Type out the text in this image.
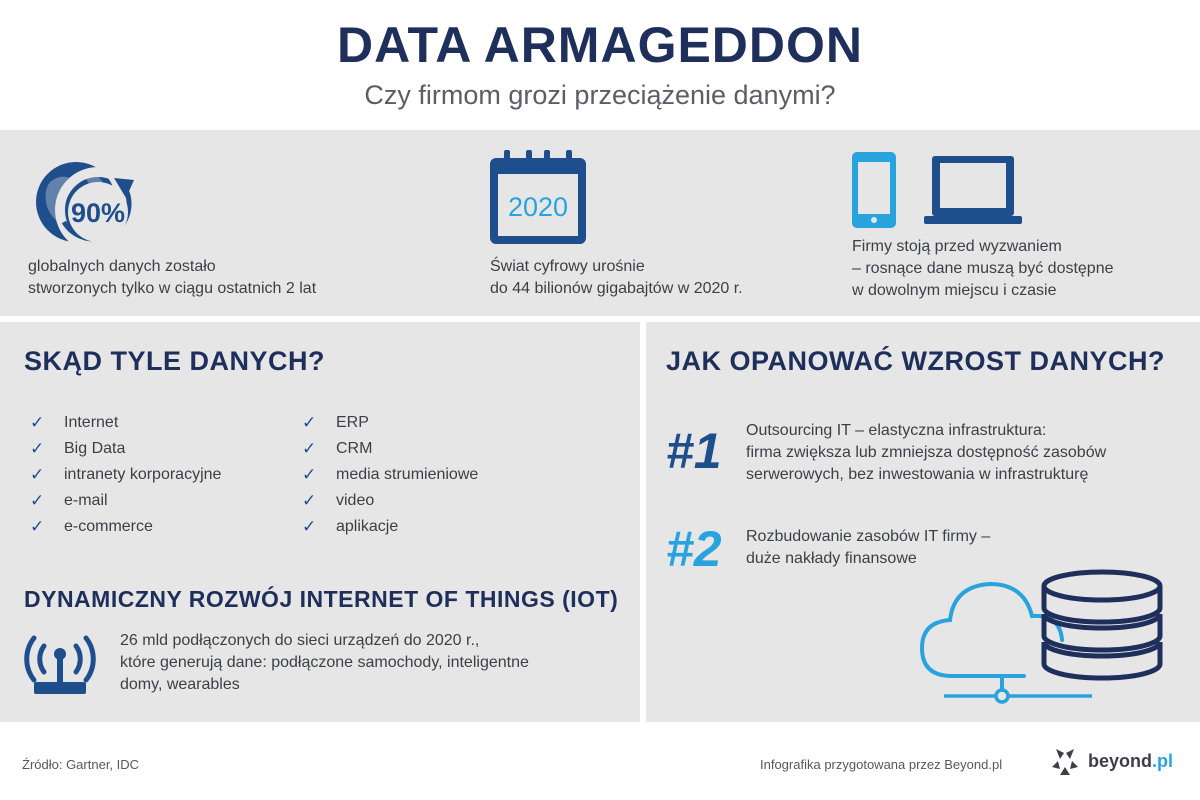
DATA ARMAGEDDON
Czy firmom grozi przeciążenie danymi?
90%
globalnych danych zostało
stworzonych tylko w ciągu ostatnich 2 lat
2020
Świat cyfrowy urośnie
do 44 bilionów gigabajtów w 2020 r.
Firmy stoją przed wyzwaniem
– rosnące dane muszą być dostępne
w dowolnym miejscu i czasie
SKĄD TYLE DANYCH?
✓ Internet
✓ Big Data
✓ intranety korporacyjne
✓ e-mail
✓ e-commerce
✓ ERP
✓ CRM
✓ media strumieniowe
✓ video
✓ aplikacje
DYNAMICZNY ROZWÓJ INTERNET OF THINGS (IOT)
26 mld podłączonych do sieci urządzeń do 2020 r.,
które generują dane: podłączone samochody, inteligentne
domy, wearables
JAK OPANOWAĆ WZROST DANYCH?
#1 Outsourcing IT – elastyczna infrastruktura:
firma zwiększa lub zmniejsza dostępność zasobów
serwerowych, bez inwestowania w infrastrukturę
#2 Rozbudowanie zasobów IT firmy –
duże nakłady finansowe
Źródło: Gartner, IDC	Infografika przygotowana przez Beyond.pl	beyond.pl
